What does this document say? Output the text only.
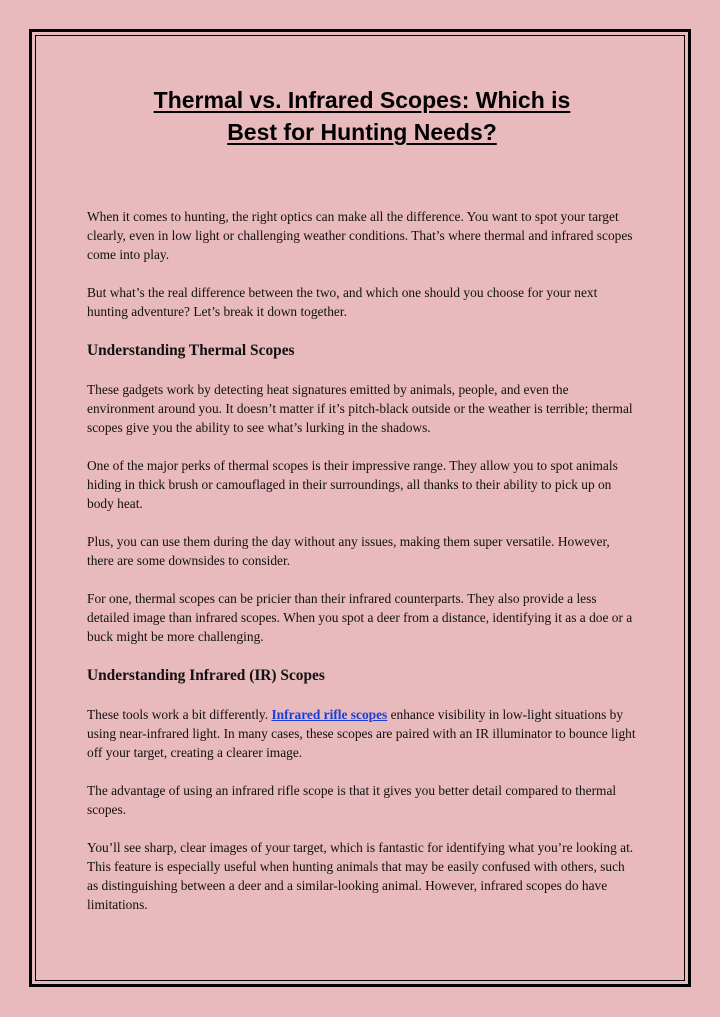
Thermal vs. Infrared Scopes: Which is
Best for Hunting Needs?

When it comes to hunting, the right optics can make all the difference. You want to spot your target clearly, even in low light or challenging weather conditions. That’s where thermal and infrared scopes come into play.

But what’s the real difference between the two, and which one should you choose for your next hunting adventure? Let’s break it down together.

Understanding Thermal Scopes

These gadgets work by detecting heat signatures emitted by animals, people, and even the environment around you. It doesn’t matter if it’s pitch-black outside or the weather is terrible; thermal scopes give you the ability to see what’s lurking in the shadows.

One of the major perks of thermal scopes is their impressive range. They allow you to spot animals hiding in thick brush or camouflaged in their surroundings, all thanks to their ability to pick up on body heat.

Plus, you can use them during the day without any issues, making them super versatile. However, there are some downsides to consider.

For one, thermal scopes can be pricier than their infrared counterparts. They also provide a less detailed image than infrared scopes. When you spot a deer from a distance, identifying it as a doe or a buck might be more challenging.

Understanding Infrared (IR) Scopes

These tools work a bit differently. Infrared rifle scopes enhance visibility in low-light situations by using near-infrared light. In many cases, these scopes are paired with an IR illuminator to bounce light off your target, creating a clearer image.

The advantage of using an infrared rifle scope is that it gives you better detail compared to thermal scopes.

You’ll see sharp, clear images of your target, which is fantastic for identifying what you’re looking at. This feature is especially useful when hunting animals that may be easily confused with others, such as distinguishing between a deer and a similar-looking animal. However, infrared scopes do have limitations.
